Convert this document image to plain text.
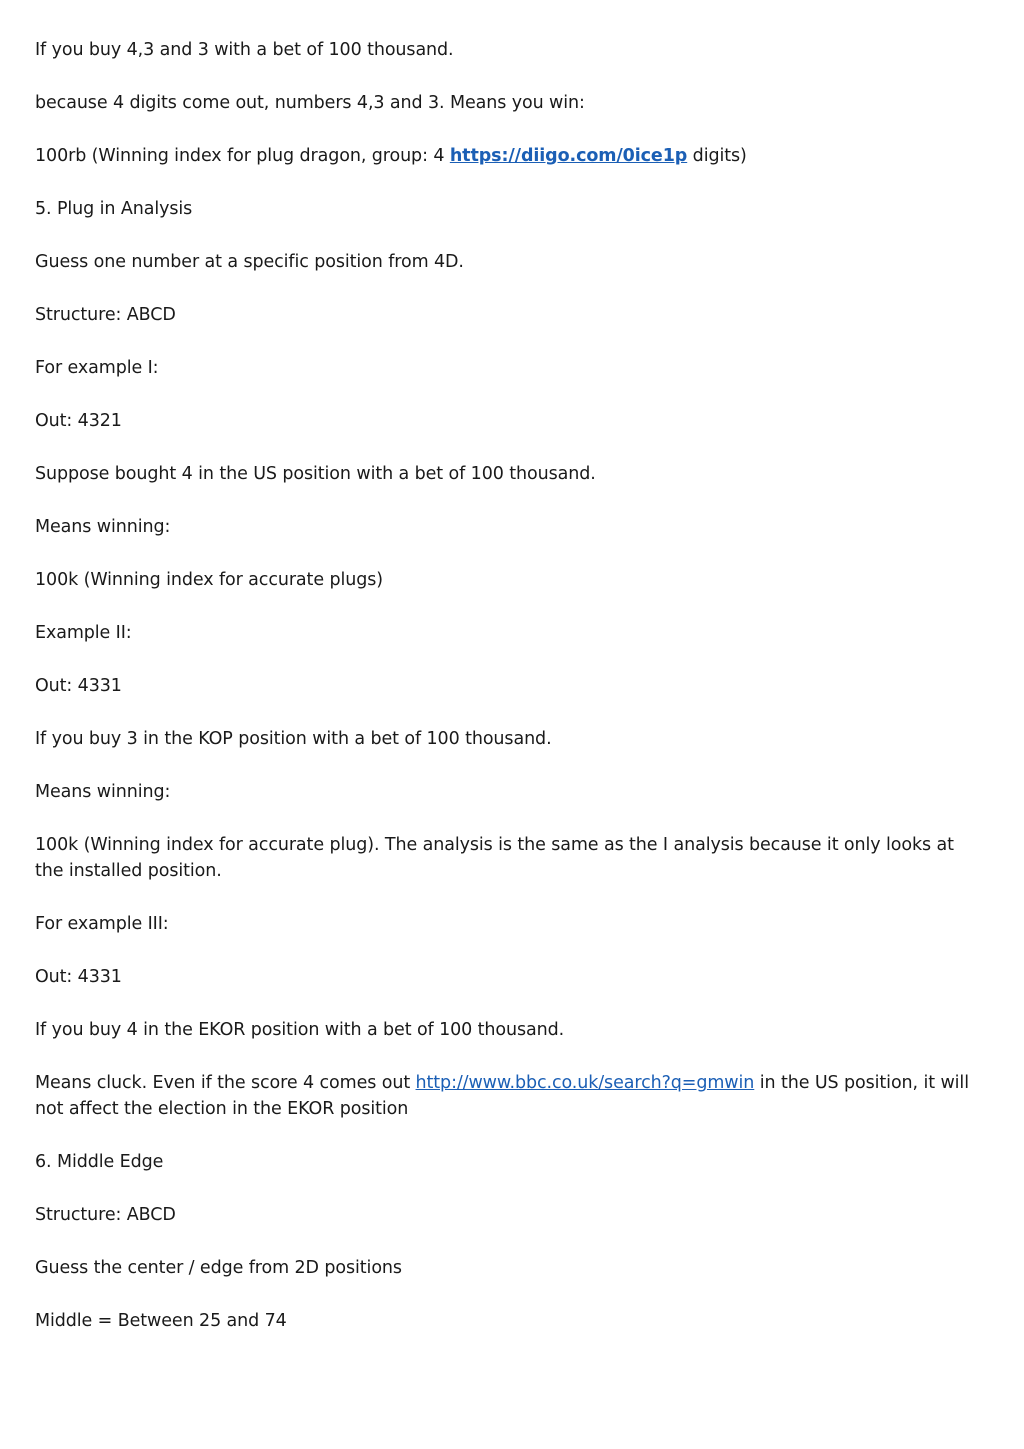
If you buy 4,3 and 3 with a bet of 100 thousand.

because 4 digits come out, numbers 4,3 and 3. Means you win:

100rb (Winning index for plug dragon, group: 4 https://diigo.com/0ice1p digits)

5. Plug in Analysis

Guess one number at a specific position from 4D.

Structure: ABCD

For example I:

Out: 4321

Suppose bought 4 in the US position with a bet of 100 thousand.

Means winning:

100k (Winning index for accurate plugs)

Example II:

Out: 4331

If you buy 3 in the KOP position with a bet of 100 thousand.

Means winning:

100k (Winning index for accurate plug). The analysis is the same as the I analysis because it only looks at the installed position.

For example III:

Out: 4331

If you buy 4 in the EKOR position with a bet of 100 thousand.

Means cluck. Even if the score 4 comes out http://www.bbc.co.uk/search?q=gmwin in the US position, it will not affect the election in the EKOR position

6. Middle Edge

Structure: ABCD

Guess the center / edge from 2D positions

Middle = Between 25 and 74
